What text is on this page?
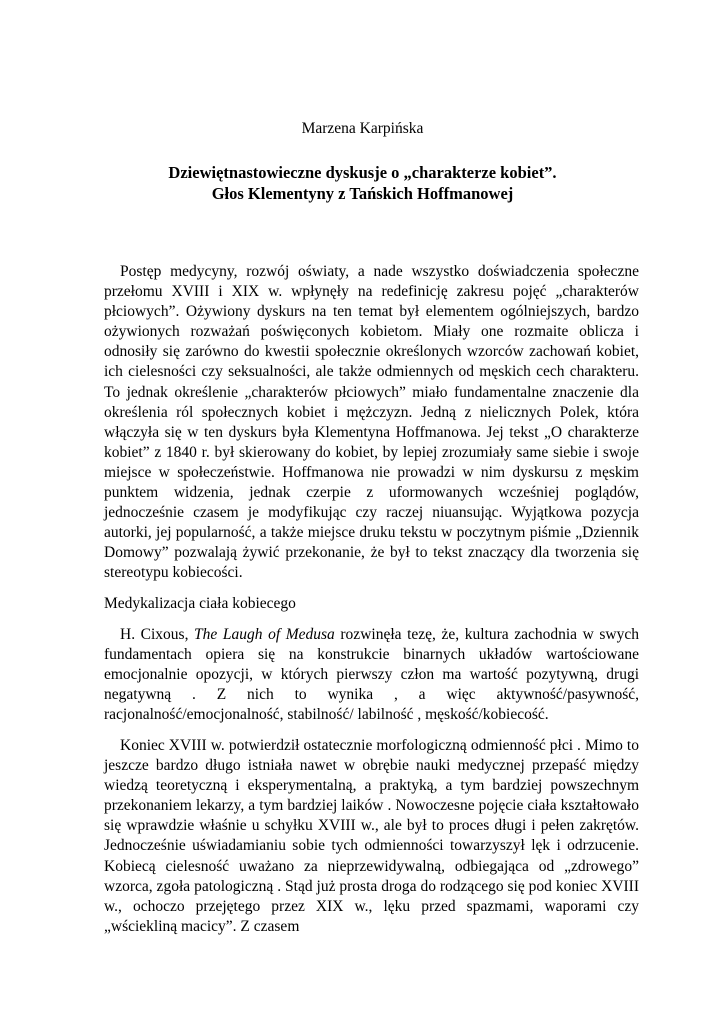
Marzena Karpińska
Dziewiętnastowieczne dyskusje o „charakterze kobiet”.
Głos Klementyny z Tańskich Hoffmanowej

Postęp medycyny, rozwój oświaty, a nade wszystko doświadczenia społeczne przełomu XVIII i XIX w. wpłynęły na redefinicję zakresu pojęć „charakterów płciowych”. Ożywiony dyskurs na ten temat był elementem ogólniejszych, bardzo ożywionych rozważań poświęconych kobietom. Miały one rozmaite oblicza i odnosiły się zarówno do kwestii społecznie określonych wzorców zachowań kobiet, ich cielesności czy seksualności, ale także odmiennych od męskich cech charakteru. To jednak określenie „charakterów płciowych” miało fundamentalne znaczenie dla określenia ról społecznych kobiet i mężczyzn. Jedną z nielicznych Polek, która włączyła się w ten dyskurs była Klementyna Hoffmanowa. Jej tekst „O charakterze kobiet” z 1840 r. był skierowany do kobiet, by lepiej zrozumiały same siebie i swoje miejsce w społeczeństwie. Hoffmanowa nie prowadzi w nim dyskursu z męskim punktem widzenia, jednak czerpie z uformowanych wcześniej poglądów, jednocześnie czasem je modyfikując czy raczej niuansując. Wyjątkowa pozycja autorki, jej popularność, a także miejsce druku tekstu w poczytnym piśmie „Dziennik Domowy” pozwalają żywić przekonanie, że był to tekst znaczący dla tworzenia się stereotypu kobiecości.

Medykalizacja ciała kobiecego

H. Cixous, The Laugh of Medusa rozwinęła tezę, że, kultura zachodnia w swych fundamentach opiera się na konstrukcie binarnych układów wartościowane emocjonalnie opozycji, w których pierwszy człon ma wartość pozytywną, drugi negatywną . Z nich to wynika , a więc aktywność/pasywność, racjonalność/emocjonalność, stabilność/ labilność , męskość/kobiecość.

Koniec XVIII w. potwierdził ostatecznie morfologiczną odmienność płci . Mimo to jeszcze bardzo długo istniała nawet w obrębie nauki medycznej przepaść między wiedzą teoretyczną i eksperymentalną, a praktyką, a tym bardziej powszechnym przekonaniem lekarzy, a tym bardziej laików . Nowoczesne pojęcie ciała kształtowało się wprawdzie właśnie u schyłku XVIII w., ale był to proces długi i pełen zakrętów. Jednocześnie uświadamianiu sobie tych odmienności towarzyszył lęk i odrzucenie. Kobiecą cielesność uważano za nieprzewidywalną, odbiegająca od „zdrowego” wzorca, zgoła patologiczną . Stąd już prosta droga do rodzącego się pod koniec XVIII w., ochoczo przejętego przez XIX w., lęku przed spazmami, waporami czy „wściekliną macicy”. Z czasem
